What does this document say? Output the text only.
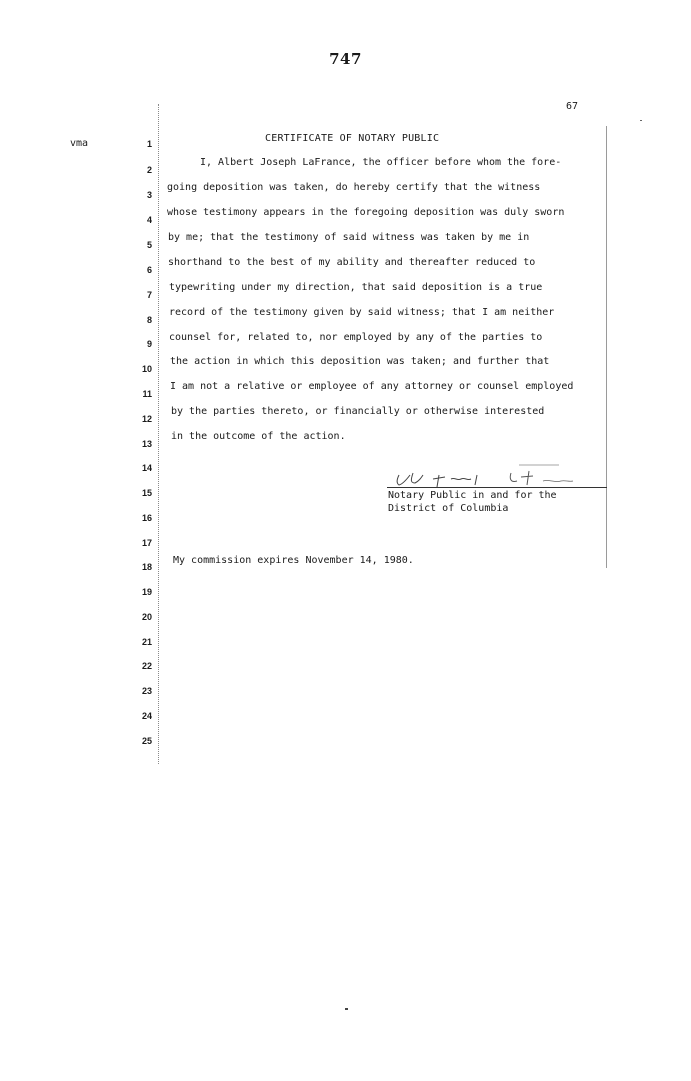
747
67
vma	1
2
3
4
5
6
7
8
9
10
11
12
13
14
15
16
17
18
19
20
21
22
23
24
25
CERTIFICATE OF NOTARY PUBLIC
I, Albert Joseph LaFrance, the officer before whom the fore-
going deposition was taken, do hereby certify that the witness
whose testimony appears in the foregoing deposition was duly sworn
by me; that the testimony of said witness was taken by me in
shorthand to the best of my ability and thereafter reduced to
typewriting under my direction, that said deposition is a true
record of the testimony given by said witness; that I am neither
counsel for, related to, nor employed by any of the parties to
the action in which this deposition was taken; and further that
I am not a relative or employee of any attorney or counsel employed
by the parties thereto, or financially or otherwise interested
in the outcome of the action.
Notary Public in and for the
District of Columbia
My commission expires November 14, 1980.
